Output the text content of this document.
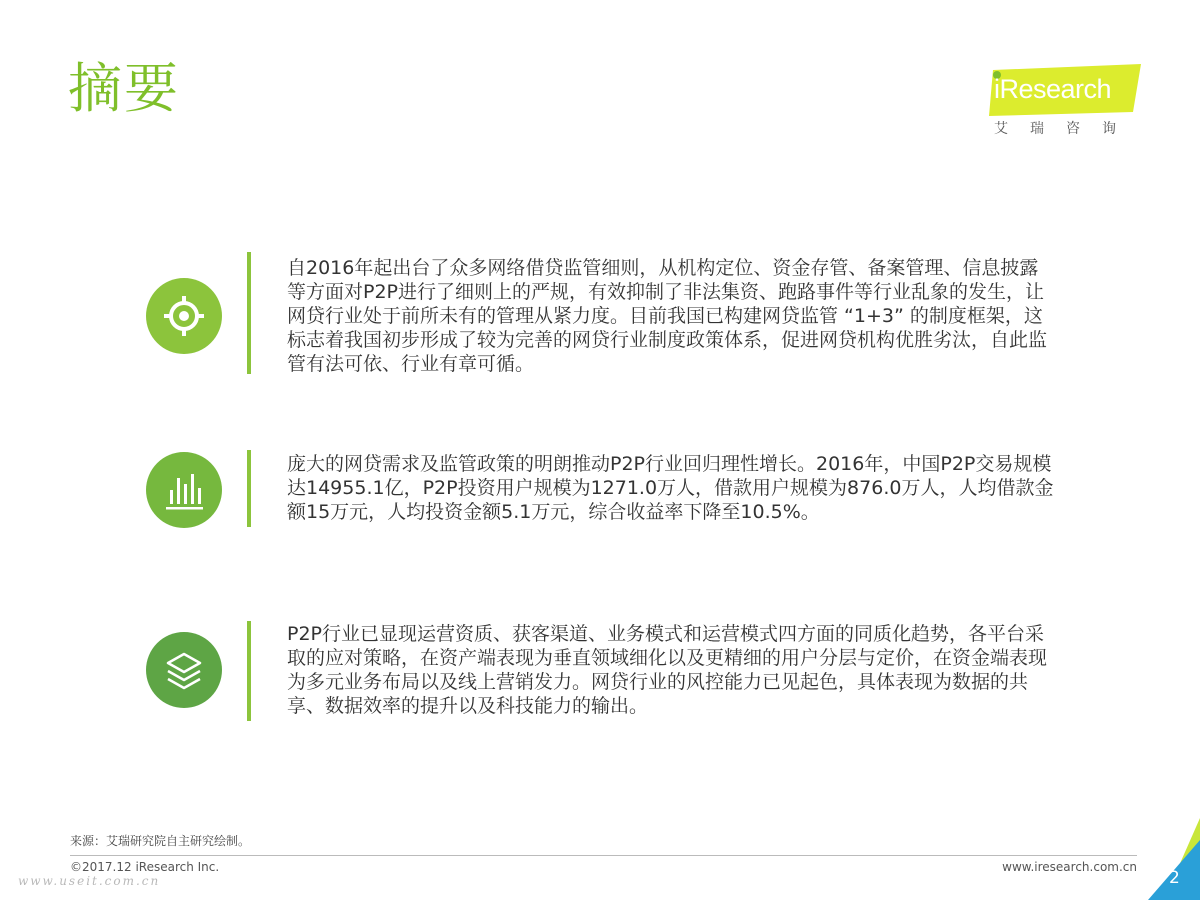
摘要	iResearch
艾瑞咨询

自2016年起出台了众多网络借贷监管细则，从机构定位、资金存管、备案管理、信息披露等方面对P2P进行了细则上的严规，有效抑制了非法集资、跑路事件等行业乱象的发生，让网贷行业处于前所未有的管理从紧力度。目前我国已构建网贷监管 “1+3” 的制度框架，这标志着我国初步形成了较为完善的网贷行业制度政策体系，促进网贷机构优胜劣汰，自此监管有法可依、行业有章可循。

庞大的网贷需求及监管政策的明朗推动P2P行业回归理性增长。2016年，中国P2P交易规模达14955.1亿，P2P投资用户规模为1271.0万人，借款用户规模为876.0万人，人均借款金额15万元，人均投资金额5.1万元，综合收益率下降至10.5%。

P2P行业已显现运营资质、获客渠道、业务模式和运营模式四方面的同质化趋势，各平台采取的应对策略，在资产端表现为垂直领域细化以及更精细的用户分层与定价，在资金端表现为多元业务布局以及线上营销发力。网贷行业的风控能力已见起色，具体表现为数据的共享、数据效率的提升以及科技能力的输出。

来源：艾瑞研究院自主研究绘制。
©2017.12 iResearch Inc.	www.iresearch.com.cn
www.useit.com.cn	2
